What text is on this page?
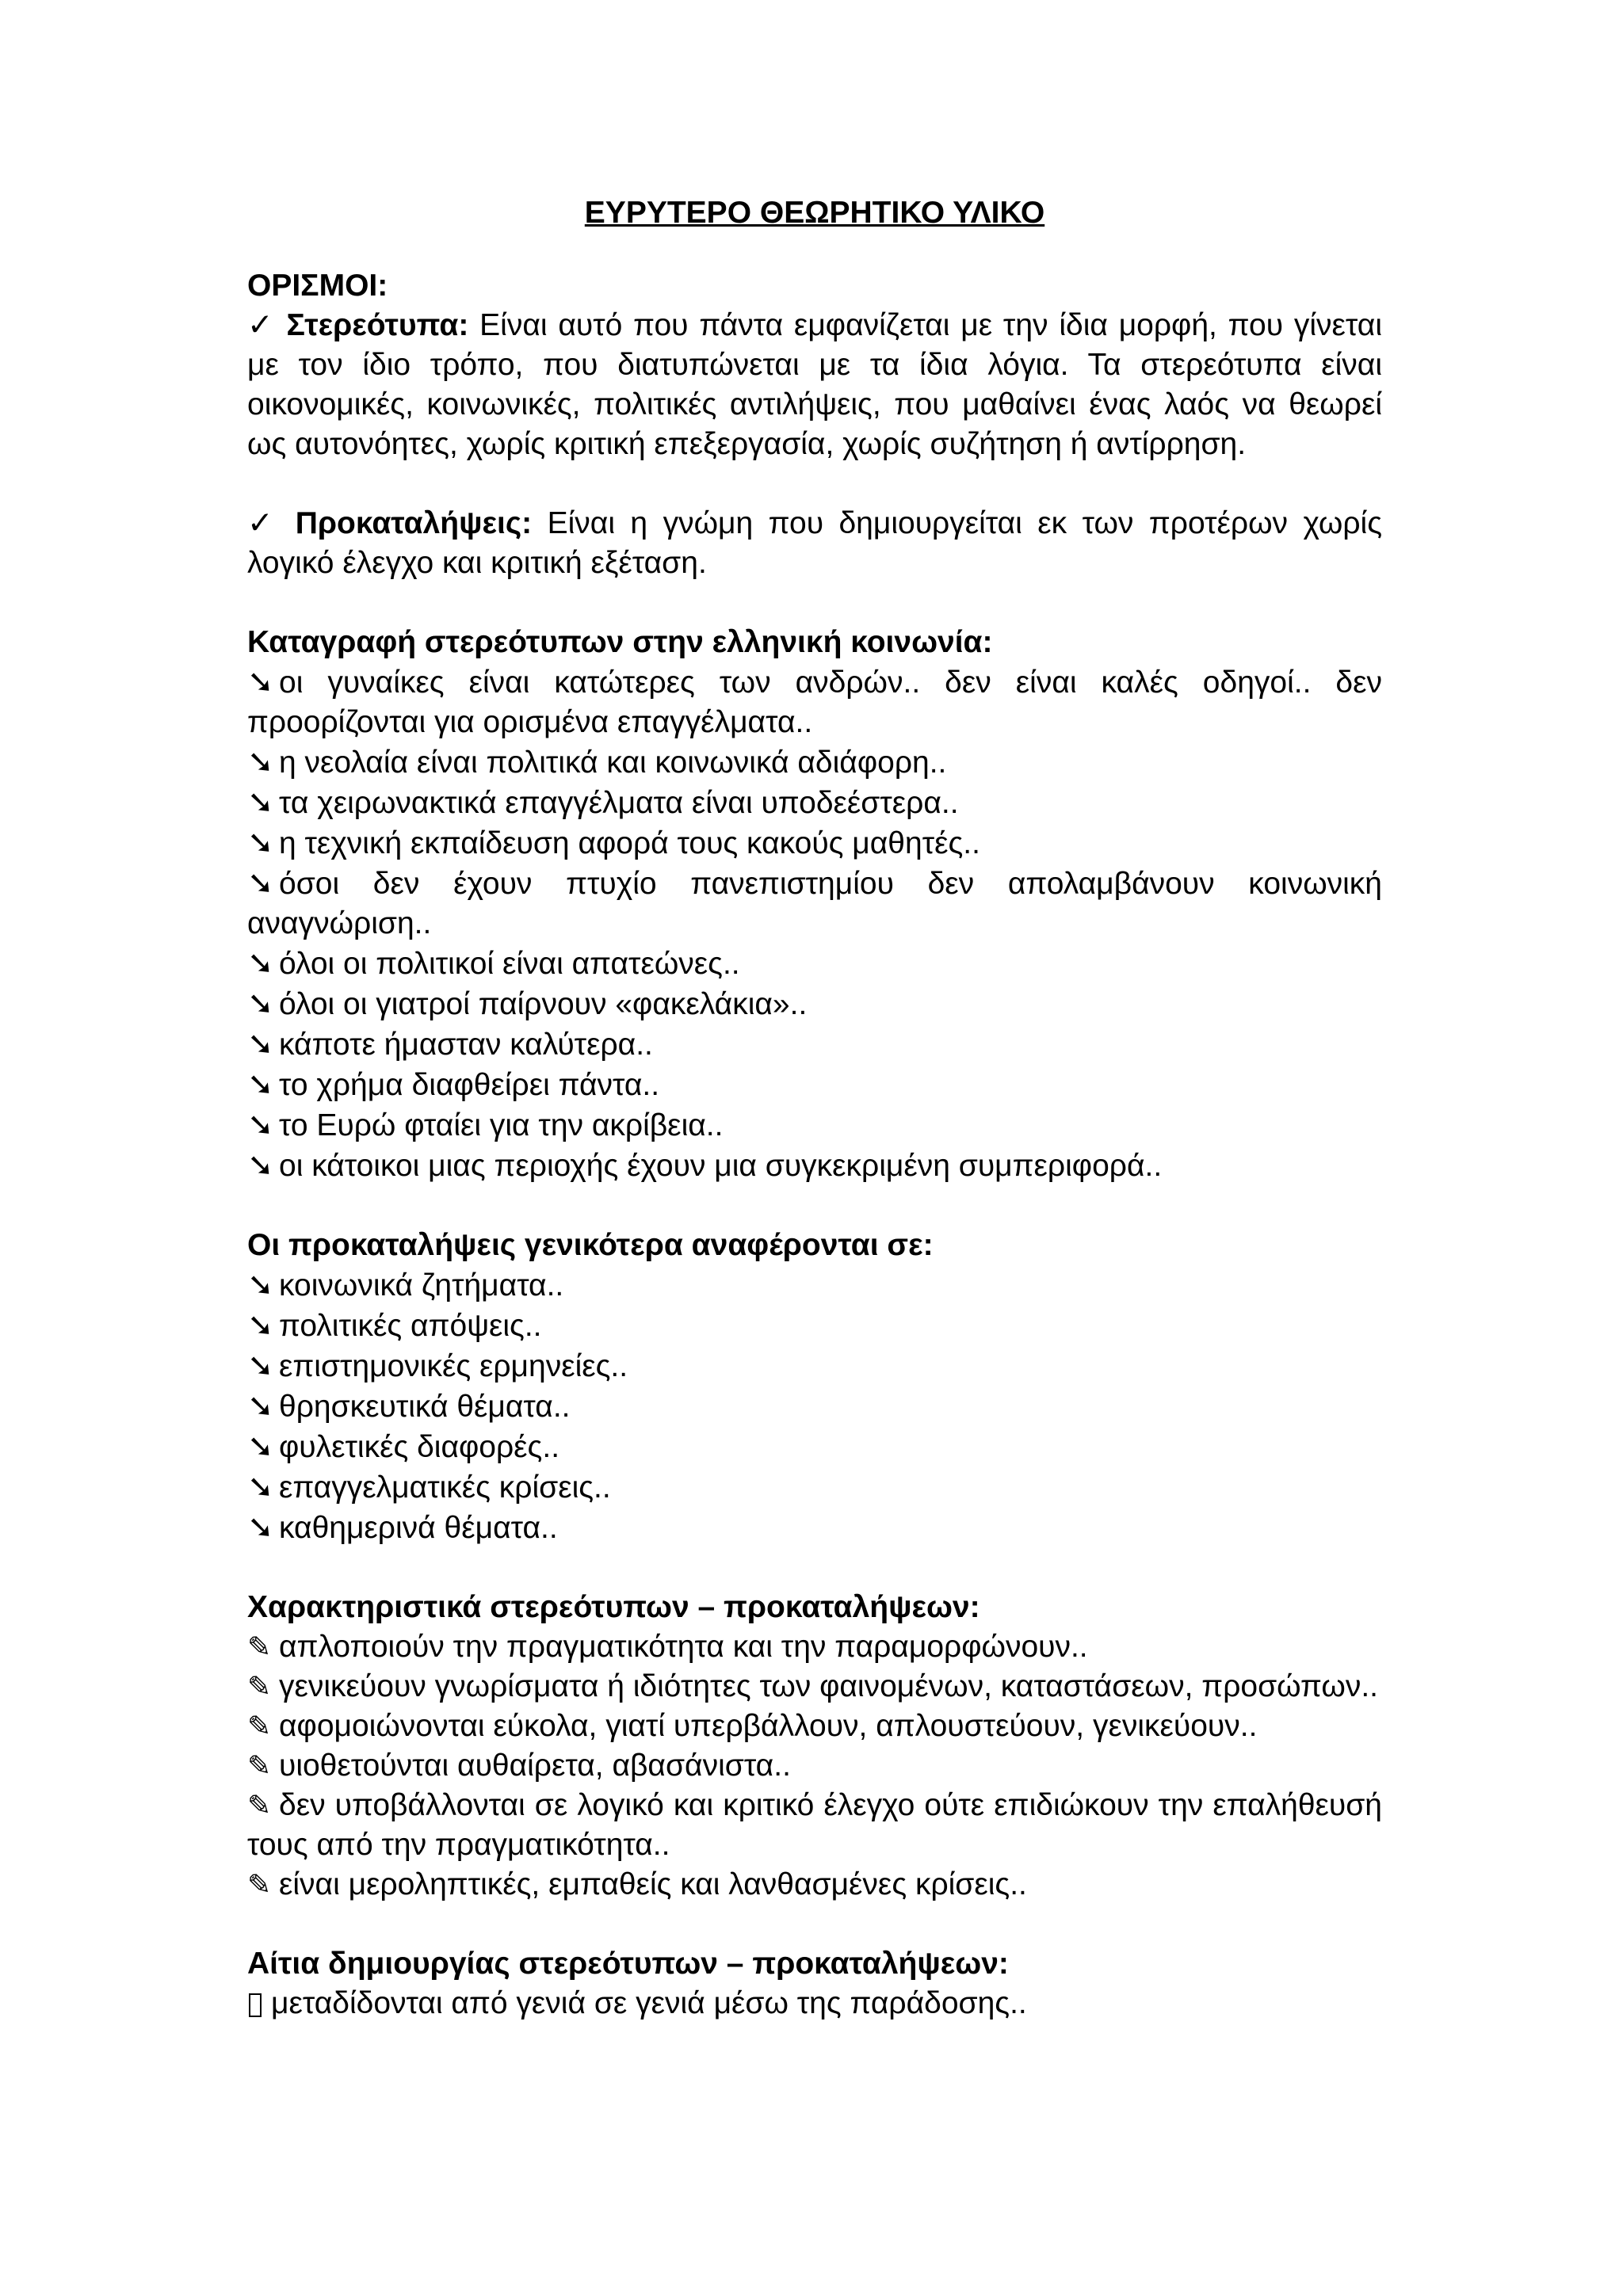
ΕΥΡΥΤΕΡΟ ΘΕΩΡΗΤΙΚΟ ΥΛΙΚΟ

ΟΡΙΣΜΟΙ:

✓ Στερεότυπα: Είναι αυτό που πάντα εμφανίζεται με την ίδια μορφή, που γίνεται με τον ίδιο τρόπο, που διατυπώνεται με τα ίδια λόγια. Τα στερεότυπα είναι οικονομικές, κοινωνικές, πολιτικές αντιλήψεις, που μαθαίνει ένας λαός να θεωρεί ως αυτονόητες, χωρίς κριτική επεξεργασία, χωρίς συζήτηση ή αντίρρηση.

✓ Προκαταλήψεις: Είναι η γνώμη που δημιουργείται εκ των προτέρων χωρίς λογικό έλεγχο και κριτική εξέταση.

Καταγραφή στερεότυπων στην ελληνική κοινωνία:

➘ οι γυναίκες είναι κατώτερες των ανδρών.. δεν είναι καλές οδηγοί.. δεν προορίζονται για ορισμένα επαγγέλματα..

➘ η νεολαία είναι πολιτικά και κοινωνικά αδιάφορη..

➘ τα χειρωνακτικά επαγγέλματα είναι υποδεέστερα..

➘ η τεχνική εκπαίδευση αφορά τους κακούς μαθητές..

➘ όσοι δεν έχουν πτυχίο πανεπιστημίου δεν απολαμβάνουν κοινωνική αναγνώριση..

➘ όλοι οι πολιτικοί είναι απατεώνες..

➘ όλοι οι γιατροί παίρνουν «φακελάκια»..

➘ κάποτε ήμασταν καλύτερα..

➘ το χρήμα διαφθείρει πάντα..

➘ το Ευρώ φταίει για την ακρίβεια..

➘ οι κάτοικοι μιας περιοχής έχουν μια συγκεκριμένη συμπεριφορά..

Οι προκαταλήψεις γενικότερα αναφέρονται σε:

➘ κοινωνικά ζητήματα..

➘ πολιτικές απόψεις..

➘ επιστημονικές ερμηνείες..

➘ θρησκευτικά θέματα..

➘ φυλετικές διαφορές..

➘ επαγγελματικές κρίσεις..

➘ καθημερινά θέματα..

Χαρακτηριστικά στερεότυπων – προκαταλήψεων:

✎ απλοποιούν την πραγματικότητα και την παραμορφώνουν..

✎ γενικεύουν γνωρίσματα ή ιδιότητες των φαινομένων, καταστάσεων, προσώπων..

✎ αφομοιώνονται εύκολα, γιατί υπερβάλλουν, απλουστεύουν, γενικεύουν..

✎ υιοθετούνται αυθαίρετα, αβασάνιστα..

✎ δεν υποβάλλονται σε λογικό και κριτικό έλεγχο ούτε επιδιώκουν την επαλήθευσή τους από την πραγματικότητα..

✎ είναι μεροληπτικές, εμπαθείς και λανθασμένες κρίσεις..

Αίτια δημιουργίας στερεότυπων – προκαταλήψεων:

μεταδίδονται από γενιά σε γενιά μέσω της παράδοσης..
